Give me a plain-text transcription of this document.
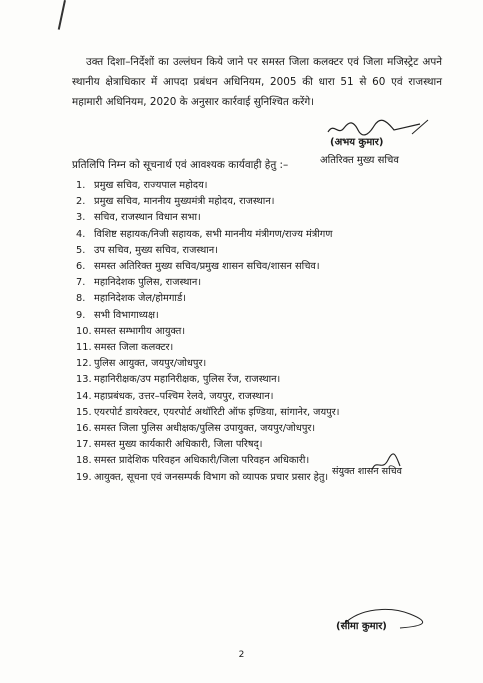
उक्त दिशा–निर्देशों का उल्लंघन किये जाने पर समस्त जिला कलक्टर एवं जिला मजिस्ट्रेट अपने स्थानीय क्षेत्राधिकार में आपदा प्रबंधन अधिनियम, 2005 की धारा 51 से 60 एवं राजस्थान महामारी अधिनियम, 2020 के अनुसार कार्रवाई सुनिश्चित करेंगे।

(अभय कुमार)
अतिरिक्त मुख्य सचिव
प्रतिलिपि निम्न को सूचनार्थ एवं आवश्यक कार्यवाही हेतु :–
1. प्रमुख सचिव, राज्यपाल महोदय।
2. प्रमुख सचिव, माननीय मुख्यमंत्री महोदय, राजस्थान।
3. सचिव, राजस्थान विधान सभा।
4. विशिष्ट सहायक/निजी सहायक, सभी माननीय मंत्रीगण/राज्य मंत्रीगण
5. उप सचिव, मुख्य सचिव, राजस्थान।
6. समस्त अतिरिक्त मुख्य सचिव/प्रमुख शासन सचिव/शासन सचिव।
7. महानिदेशक पुलिस, राजस्थान।
8. महानिदेशक जेल/होमगार्ड।
9. सभी विभागाध्यक्ष।
10. समस्त सम्भागीय आयुक्त।
11. समस्त जिला कलक्टर।
12. पुलिस आयुक्त, जयपुर/जोधपुर।
13. महानिरीक्षक/उप महानिरीक्षक, पुलिस रेंज, राजस्थान।
14. महाप्रबंधक, उत्तर–पश्चिम रेलवे, जयपुर, राजस्थान।
15. एयरपोर्ट डायरेक्टर, एयरपोर्ट अथॉरिटी ऑफ इण्डिया, सांगानेर, जयपुर।
16. समस्त जिला पुलिस अधीक्षक/पुलिस उपायुक्त, जयपुर/जोधपुर।
17. समस्त मुख्य कार्यकारी अधिकारी, जिला परिषद्।
18. समस्त प्रादेशिक परिवहन अधिकारी/जिला परिवहन अधिकारी।
19. आयुक्त, सूचना एवं जनसम्पर्क विभाग को व्यापक प्रचार प्रसार हेतु।
संयुक्त शासन सचिव
(सीमा कुमार)
2
